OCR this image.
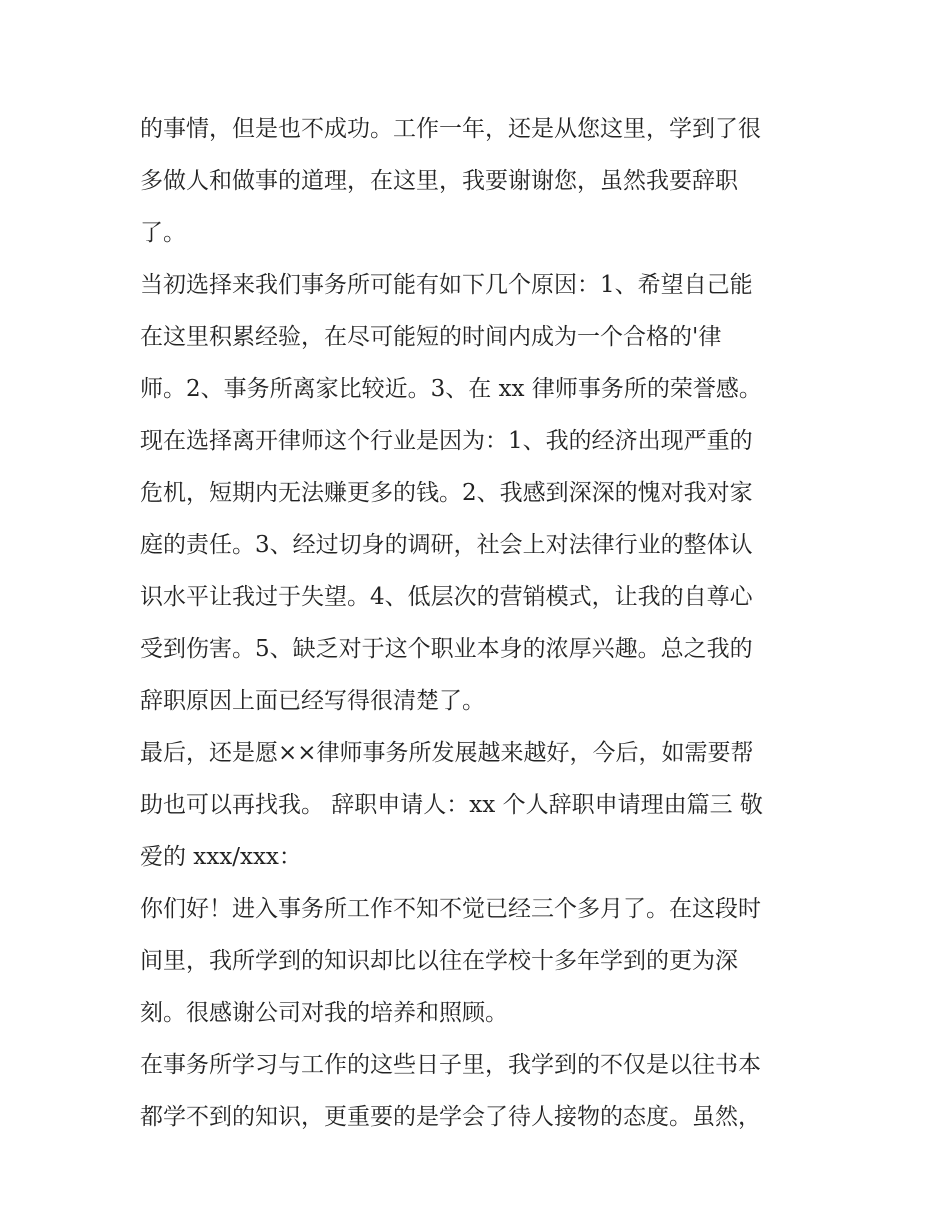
的事情，但是也不成功。工作一年，还是从您这里，学到了很
多做人和做事的道理，在这里，我要谢谢您，虽然我要辞职
了。

当初选择来我们事务所可能有如下几个原因：1、希望自己能
在这里积累经验，在尽可能短的时间内成为一个合格的'律
师。2、事务所离家比较近。3、在 xx 律师事务所的荣誉感。

现在选择离开律师这个行业是因为：1、我的经济出现严重的
危机，短期内无法赚更多的钱。2、我感到深深的愧对我对家
庭的责任。3、经过切身的调研，社会上对法律行业的整体认
识水平让我过于失望。4、低层次的营销模式，让我的自尊心
受到伤害。5、缺乏对于这个职业本身的浓厚兴趣。总之我的
辞职原因上面已经写得很清楚了。

最后，还是愿××律师事务所发展越来越好，今后，如需要帮
助也可以再找我。 辞职申请人：xx 个人辞职申请理由篇三 敬
爱的 xxx/xxx：

你们好！进入事务所工作不知不觉已经三个多月了。在这段时
间里，我所学到的知识却比以往在学校十多年学到的更为深
刻。很感谢公司对我的培养和照顾。

在事务所学习与工作的这些日子里，我学到的不仅是以往书本
都学不到的知识，更重要的是学会了待人接物的态度。虽然，
